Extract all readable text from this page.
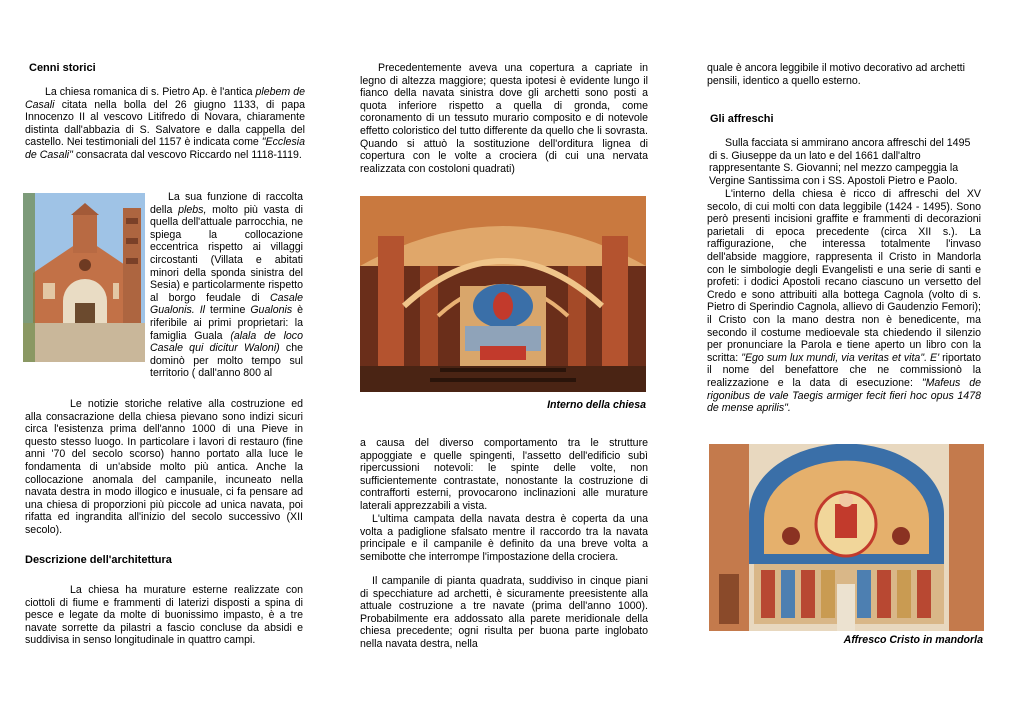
Cenni storici

La chiesa romanica di s. Pietro Ap. è l'antica plebem de Casali citata nella bolla del 26 giugno 1133, di papa Innocenzo II al vescovo Litifredo di Novara, chiaramente distinta dall'abbazia di S. Salvatore e dalla cappella del castello. Nei testimoniali del 1157 è indicata come "Ecclesia de Casali" consacrata dal vescovo Riccardo nel 1118-1119.

La sua funzione di raccolta della plebs, molto più vasta di quella dell'attuale parrocchia, ne spiega la collocazione eccentrica rispetto ai villaggi circostanti (Villata e abitati minori della sponda sinistra del Sesia) e particolarmente rispetto al borgo feudale di Casale Gualonis. Il termine Gualonis è riferibile ai primi proprietari: la famiglia Guala (alala de loco Casale qui dicitur Waloni) che dominò per molto tempo sul territorio ( dall'anno 800 al

Le notizie storiche relative alla costruzione ed alla consacrazione della chiesa pievano sono indizi sicuri circa l'esistenza prima dell'anno 1000 di una Pieve in questo stesso luogo. In particolare i lavori di restauro (fine anni '70 del secolo scorso) hanno portato alla luce le fondamenta di un'abside molto più antica. Anche la collocazione anomala del campanile, incuneato nella navata destra in modo illogico e inusuale, ci fa pensare ad una chiesa di proporzioni più piccole ad unica navata, poi rifatta ed ingrandita all'inizio del secolo successivo (XII secolo).

Descrizione dell'architettura

La chiesa ha murature esterne realizzate con ciottoli di fiume e frammenti di laterizi disposti a spina di pesce e legate da molte di buonissimo impasto, è a tre navate sorrette da pilastri a fascio concluse da absidi e suddivisa in senso longitudinale in quattro campi.

Precedentemente aveva una copertura a capriate in legno di altezza maggiore; questa ipotesi è evidente lungo il fianco della navata sinistra dove gli archetti sono posti a quota inferiore rispetto a quella di gronda, come coronamento di un tessuto murario composito e di notevole effetto coloristico del tutto differente da quello che li sovrasta. Quando si attuò la sostituzione dell'orditura lignea di copertura con le volte a crociera (di cui una nervata realizzata con costoloni quadrati)

Interno della chiesa

a causa del diverso comportamento tra le strutture appoggiate e quelle spingenti, l'assetto dell'edificio subì ripercussioni notevoli: le spinte delle volte, non sufficientemente contrastate, nonostante la costruzione di contrafforti esterni, provocarono inclinazioni alle murature laterali apprezzabili a vista.

L'ultima campata della navata destra è coperta da una volta a padiglione sfalsato mentre il raccordo tra la navata principale e il campanile è definito da una breve volta a semibotte che interrompe l'impostazione della crociera.

Il campanile di pianta quadrata, suddiviso in cinque piani di specchiature ad archetti, è sicuramente preesistente alla attuale costruzione a tre navate (prima dell'anno 1000). Probabilmente era addossato alla parete meridionale della chiesa precedente; ogni risulta per buona parte inglobato nella navata destra, nella

quale è ancora leggibile il motivo decorativo ad archetti pensili, identico a quello esterno.

Gli affreschi

Sulla facciata si ammirano ancora affreschi del 1495 di s. Giuseppe da un lato e del 1661 dall'altro rappresentante S. Giovanni; nel mezzo campeggia la Vergine Santissima con i SS. Apostoli Pietro e Paolo.

L'interno della chiesa è ricco di affreschi del XV secolo, di cui molti con data leggibile (1424 - 1495). Sono però presenti incisioni graffite e frammenti di decorazioni parietali di epoca precedente (circa XII s.). La raffigurazione, che interessa totalmente l'invaso dell'abside maggiore, rappresenta il Cristo in Mandorla con le simbologie degli Evangelisti e una serie di santi e profeti: i dodici Apostoli recano ciascuno un versetto del Credo e sono attribuiti alla bottega Cagnola (volto di s. Pietro di Sperindio Cagnola, allievo di Gaudenzio Femori); il Cristo con la mano destra non è benedicente, ma secondo il costume medioevale sta chiedendo il silenzio per pronunciare la Parola e tiene aperto un libro con la scritta: "Ego sum lux mundi, via veritas et vita". E' riportato il nome del benefattore che ne commissionò la realizzazione e la data di esecuzione: "Mafeus de rigonibus de vale Taegis armiger fecit fieri hoc opus 1478 de mense aprilis".

Affresco Cristo in mandorla
